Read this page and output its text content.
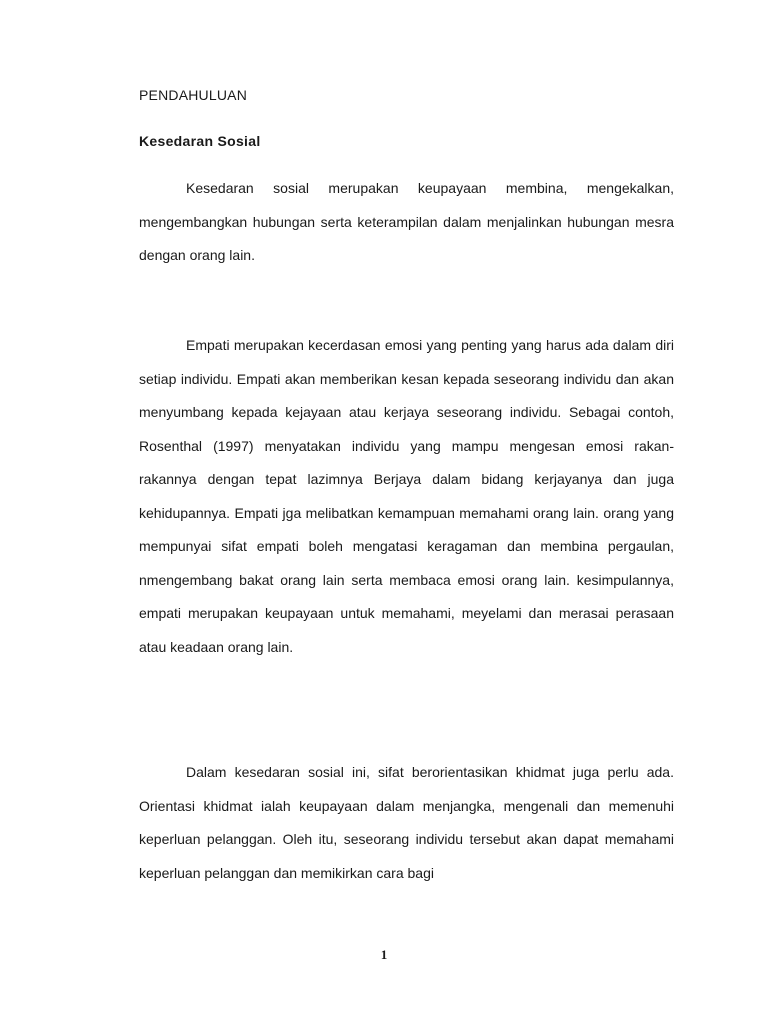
PENDAHULUAN
Kesedaran Sosial

Kesedaran sosial merupakan keupayaan membina, mengekalkan, mengembangkan hubungan serta keterampilan dalam menjalinkan hubungan mesra dengan orang lain.

Empati merupakan kecerdasan emosi yang penting yang harus ada dalam diri setiap individu. Empati akan memberikan kesan kepada seseorang individu dan akan menyumbang kepada kejayaan atau kerjaya seseorang individu. Sebagai contoh, Rosenthal (1997) menyatakan individu yang mampu mengesan emosi rakan-rakannya dengan tepat lazimnya Berjaya dalam bidang kerjayanya dan juga kehidupannya. Empati jga melibatkan kemampuan memahami orang lain. orang yang mempunyai sifat empati boleh mengatasi keragaman dan membina pergaulan, nmengembang bakat orang lain serta membaca emosi orang lain. kesimpulannya, empati merupakan keupayaan untuk memahami, meyelami dan merasai perasaan atau keadaan orang lain.

Dalam kesedaran sosial ini, sifat berorientasikan khidmat juga perlu ada. Orientasi khidmat ialah keupayaan dalam menjangka, mengenali dan memenuhi keperluan pelanggan. Oleh itu, seseorang individu tersebut akan dapat memahami keperluan pelanggan dan memikirkan cara bagi

1
